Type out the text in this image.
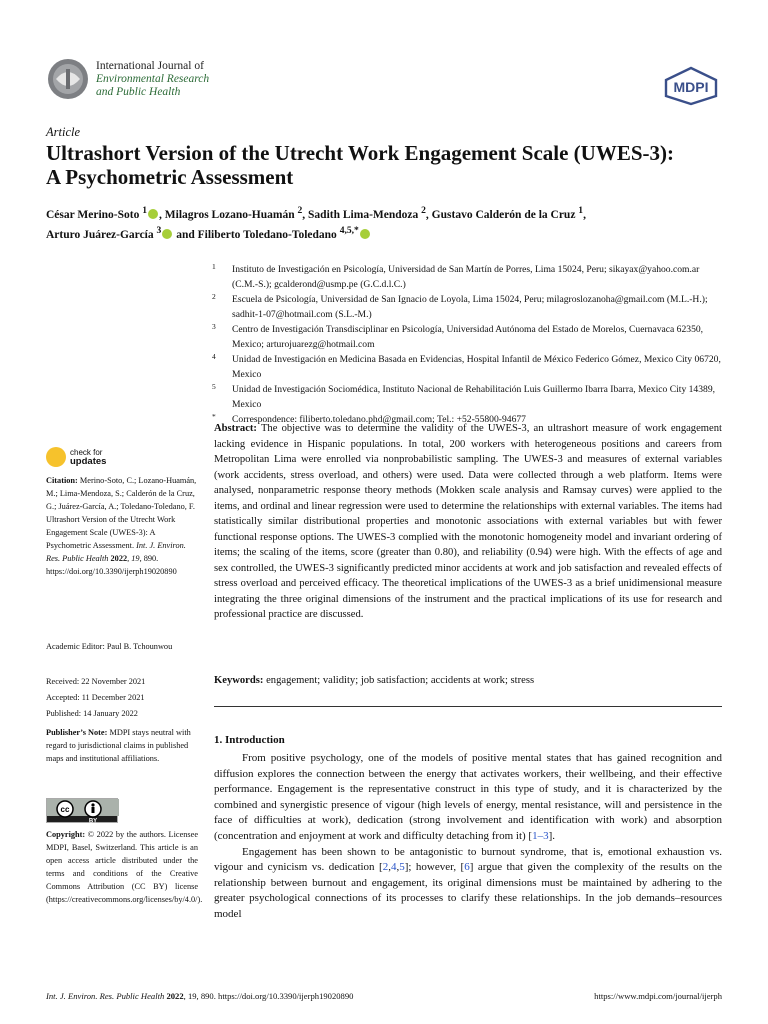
International Journal of
Environmental Research
and Public Health	MDPI
Article
Ultrashort Version of the Utrecht Work Engagement Scale (UWES-3): A Psychometric Assessment
César Merino-Soto $^1$ , Milagros Lozano-Huamán $^2$, Sadith Lima-Mendoza $^2$, Gustavo Calderón de la Cruz $^1$,
Arturo Juárez-García $^3$ and Filiberto Toledano-Toledano $^{4,5,*}$
1 Instituto de Investigación en Psicología, Universidad de San Martín de Porres, Lima 15024, Peru; sikayax@yahoo.com.ar (C.M.-S.); gcalderond@usmp.pe (G.C.d.l.C.)
2 Escuela de Psicología, Universidad de San Ignacio de Loyola, Lima 15024, Peru; milagroslozanoha@gmail.com (M.L.-H.); sadhit-1-07@hotmail.com (S.L.-M.)
3 Centro de Investigación Transdisciplinar en Psicología, Universidad Autónoma del Estado de Morelos, Cuernavaca 62350, Mexico; arturojuarezg@hotmail.com
4 Unidad de Investigación en Medicina Basada en Evidencias, Hospital Infantil de México Federico Gómez, Mexico City 06720, Mexico
5 Unidad de Investigación Sociomédica, Instituto Nacional de Rehabilitación Luis Guillermo Ibarra Ibarra, Mexico City 14389, Mexico
* Correspondence: filiberto.toledano.phd@gmail.com; Tel.: +52-55800-94677
check for
updates
Citation: Merino-Soto, C.; Lozano-Huamán, M.; Lima-Mendoza, S.; Calderón de la Cruz, G.; Juárez-García, A.; Toledano-Toledano, F. Ultrashort Version of the Utrecht Work Engagement Scale (UWES-3): A Psychometric Assessment. Int. J. Environ. Res. Public Health 2022, 19, 890. https://doi.org/10.3390/ijerph19020890
Academic Editor: Paul B. Tchounwou
Received: 22 November 2021
Accepted: 11 December 2021
Published: 14 January 2022
Publisher’s Note: MDPI stays neutral with regard to jurisdictional claims in published maps and institutional affiliations.
cc
BY
Copyright: © 2022 by the authors. Licensee MDPI, Basel, Switzerland. This article is an open access article distributed under the terms and conditions of the Creative Commons Attribution (CC BY) license (https://creativecommons.org/licenses/by/4.0/).
Abstract: The objective was to determine the validity of the UWES-3, an ultrashort measure of work engagement lacking evidence in Hispanic populations. In total, 200 workers with heterogeneous positions and careers from Metropolitan Lima were enrolled via nonprobabilistic sampling. The UWES-3 and measures of external variables (work accidents, stress overload, and others) were used. Data were collected through a web platform. Items were analysed, nonparametric response theory methods (Mokken scale analysis and Ramsay curves) were applied to the items, and ordinal and linear regression were used to determine the relationships with external variables. The items had statistically similar distributional properties and monotonic associations with external variables but with fewer functional response options. The UWES-3 complied with the monotonic homogeneity model and invariant ordering of items; the scaling of the items, score (greater than 0.80), and reliability (0.94) were high. With the effects of age and sex controlled, the UWES-3 significantly predicted minor accidents at work and job satisfaction and revealed effects of stress overload and perceived efficacy. The theoretical implications of the UWES-3 as a brief unidimensional measure integrating the three original dimensions of the instrument and the practical implications of its use for research and professional practice are discussed.
Keywords: engagement; validity; job satisfaction; accidents at work; stress
1. Introduction

From positive psychology, one of the models of positive mental states that has gained recognition and diffusion explores the connection between the energy that activates workers, their wellbeing, and their effective performance. Engagement is the representative construct in this type of study, and it is characterized by the combined and synergistic presence of vigour (high levels of energy, mental resistance, will and persistence in the face of difficulties at work), dedication (strong involvement and identification with work) and absorption (concentration and enjoyment at work and difficulty detaching from it) [1–3].

Engagement has been shown to be antagonistic to burnout syndrome, that is, emotional exhaustion vs. vigour and cynicism vs. dedication [2,4,5]; however, [6] argue that given the complexity of the results on the relationship between burnout and engagement, its original dimensions must be maintained by adhering to the greater psychological connections of its processes to clarify these relationships. In the job demands–resources model

Int. J. Environ. Res. Public Health 2022, 19, 890. https://doi.org/10.3390/ijerph19020890	https://www.mdpi.com/journal/ijerph
